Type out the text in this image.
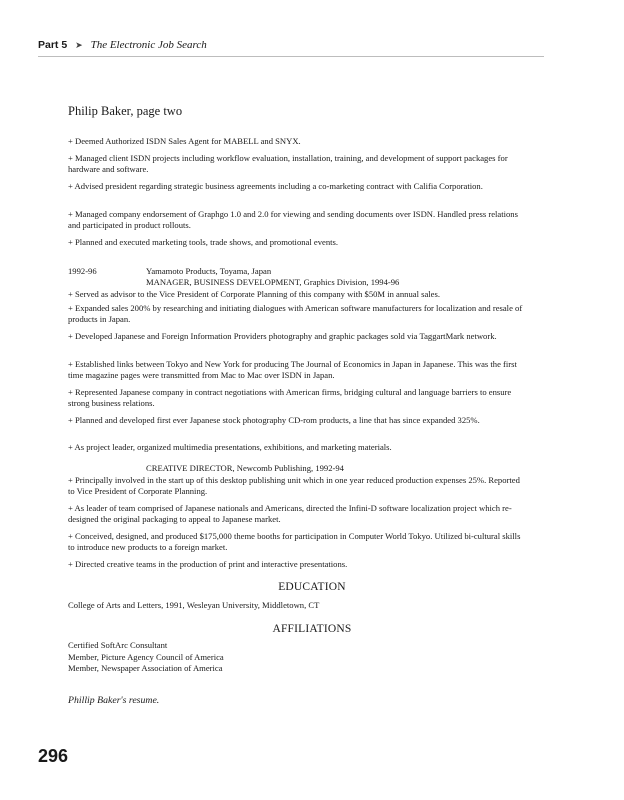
Part 5 ➤ The Electronic Job Search
Philip Baker, page two
+ Deemed Authorized ISDN Sales Agent for MABELL and SNYX.
+ Managed client ISDN projects including workflow evaluation, installation, training, and development of support packages for hardware and software.
+ Advised president regarding strategic business agreements including a co-marketing contract with Califia Corporation.
+ Managed company endorsement of Graphgo 1.0 and 2.0 for viewing and sending documents over ISDN. Handled press relations and participated in product rollouts.
+ Planned and executed marketing tools, trade shows, and promotional events.
1992-96	Yamamoto Products, Toyama, Japan
MANAGER, BUSINESS DEVELOPMENT, Graphics Division, 1994-96
+ Served as advisor to the Vice President of Corporate Planning of this company with $50M in annual sales.
+ Expanded sales 200% by researching and initiating dialogues with American software manufacturers for localization and resale of products in Japan.
+ Developed Japanese and Foreign Information Providers photography and graphic packages sold via TaggartMark network.
+ Established links between Tokyo and New York for producing The Journal of Economics in Japan in Japanese. This was the first time magazine pages were transmitted from Mac to Mac over ISDN in Japan.
+ Represented Japanese company in contract negotiations with American firms, bridging cultural and language barriers to ensure strong business relations.
+ Planned and developed first ever Japanese stock photography CD-rom products, a line that has since expanded 325%.
+ As project leader, organized multimedia presentations, exhibitions, and marketing materials.
CREATIVE DIRECTOR, Newcomb Publishing, 1992-94
+ Principally involved in the start up of this desktop publishing unit which in one year reduced production expenses 25%. Reported to Vice President of Corporate Planning.
+ As leader of team comprised of Japanese nationals and Americans, directed the Infini-D software localization project which re-designed the original packaging to appeal to Japanese market.
+ Conceived, designed, and produced $175,000 theme booths for participation in Computer World Tokyo. Utilized bi-cultural skills to introduce new products to a foreign market.
+ Directed creative teams in the production of print and interactive presentations.
EDUCATION
College of Arts and Letters, 1991, Wesleyan University, Middletown, CT
AFFILIATIONS
Certified SoftArc Consultant
Member, Picture Agency Council of America
Member, Newspaper Association of America
Phillip Baker's resume.
296
